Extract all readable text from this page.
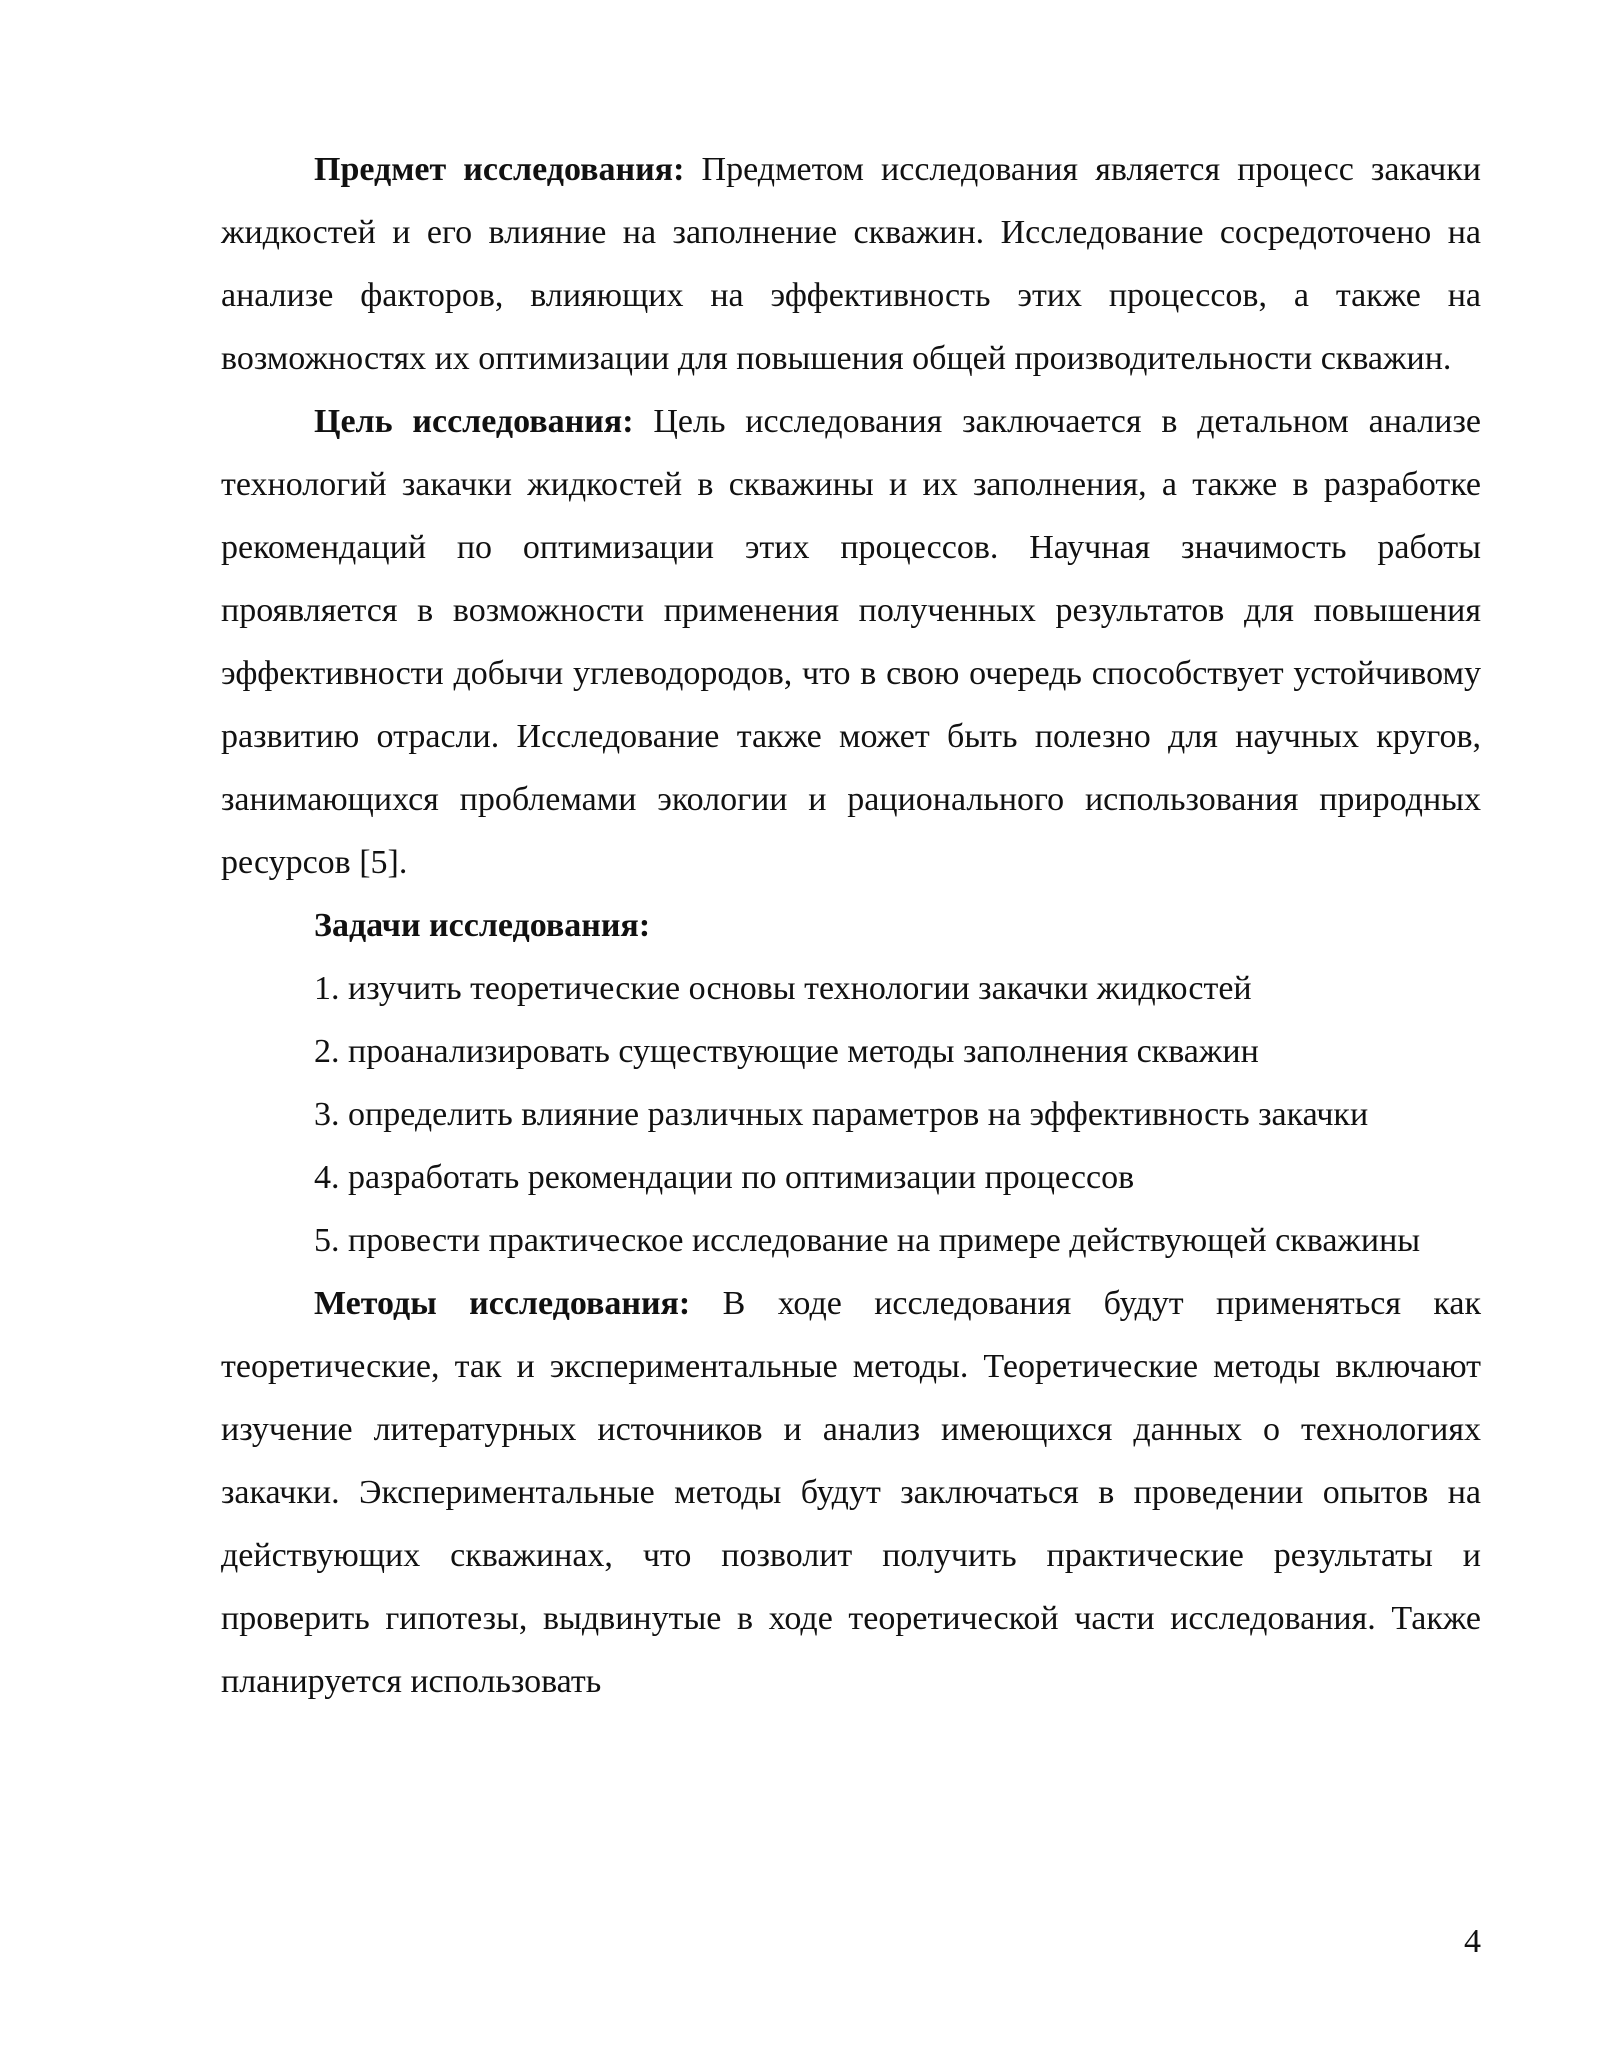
Предмет исследования: Предметом исследования является процесс закачки жидкостей и его влияние на заполнение скважин. Исследование сосредоточено на анализе факторов, влияющих на эффективность этих процессов, а также на возможностях их оптимизации для повышения общей производительности скважин.

Цель исследования: Цель исследования заключается в детальном анализе технологий закачки жидкостей в скважины и их заполнения, а также в разработке рекомендаций по оптимизации этих процессов. Научная значимость работы проявляется в возможности применения полученных результатов для повышения эффективности добычи углеводородов, что в свою очередь способствует устойчивому развитию отрасли. Исследование также может быть полезно для научных кругов, занимающихся проблемами экологии и рационального использования природных ресурсов [5].

Задачи исследования:

1. изучить теоретические основы технологии закачки жидкостей

2. проанализировать существующие методы заполнения скважин

3. определить влияние различных параметров на эффективность закачки

4. разработать рекомендации по оптимизации процессов

5. провести практическое исследование на примере действующей скважины

Методы исследования: В ходе исследования будут применяться как теоретические, так и экспериментальные методы. Теоретические методы включают изучение литературных источников и анализ имеющихся данных о технологиях закачки. Экспериментальные методы будут заключаться в проведении опытов на действующих скважинах, что позволит получить практические результаты и проверить гипотезы, выдвинутые в ходе теоретической части исследования. Также планируется использовать

4
